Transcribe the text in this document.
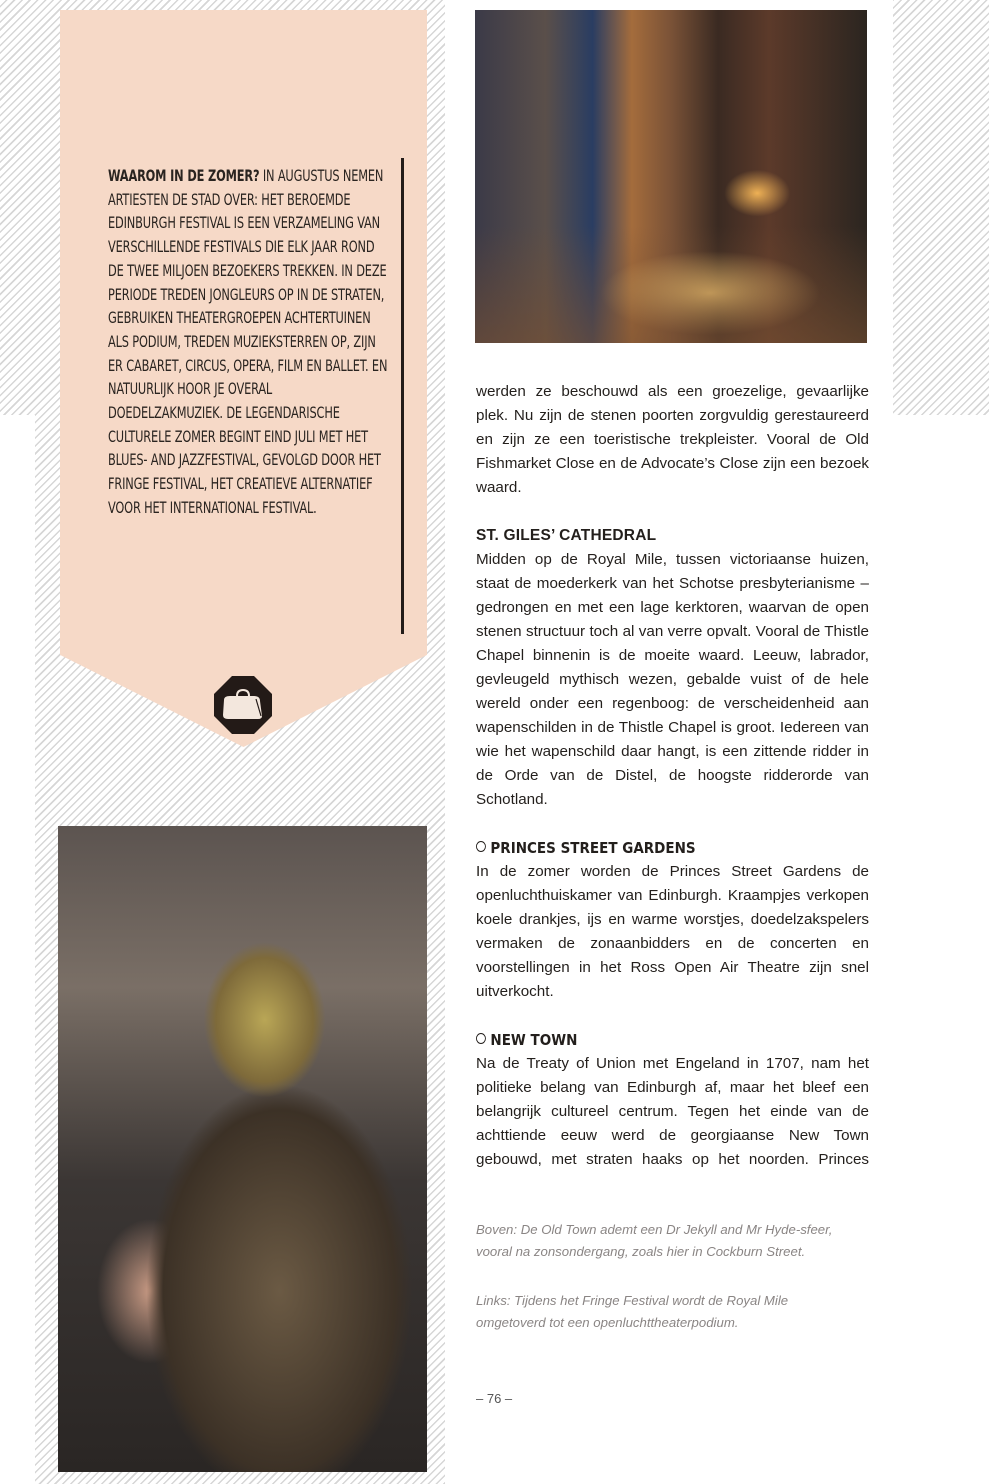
WAAROM IN DE ZOMER? IN AUGUSTUS NEMEN ARTIESTEN DE STAD OVER: HET BEROEMDE EDINBURGH FESTIVAL IS EEN VERZAMELING VAN VERSCHILLENDE FESTIVALS DIE ELK JAAR ROND DE TWEE MILJOEN BEZOEKERS TREKKEN. IN DEZE PERIODE TREDEN JONGLEURS OP IN DE STRATEN, GEBRUIKEN THEATERGROEPEN ACHTERTUINEN ALS PODIUM, TREDEN MUZIEKSTERREN OP, ZIJN ER CABARET, CIRCUS, OPERA, FILM EN BALLET. EN NATUURLIJK HOOR JE OVERAL DOEDELZAKMUZIEK. DE LEGENDARISCHE CULTURELE ZOMER BEGINT EIND JULI MET HET BLUES- AND JAZZFESTIVAL, GEVOLGD DOOR HET FRINGE FESTIVAL, HET CREATIEVE ALTERNATIEF VOOR HET INTERNATIONAL FESTIVAL.

werden ze beschouwd als een groezelige, gevaarlijke plek. Nu zijn de stenen poorten zorgvuldig gerestaureerd en zijn ze een toeristische trekpleister. Vooral de Old Fishmarket Close en de Advocate’s Close zijn een bezoek waard.

ST. GILES’ CATHEDRAL

Midden op de Royal Mile, tussen victoriaanse huizen, staat de moederkerk van het Schotse presbyterianisme – gedrongen en met een lage kerktoren, waarvan de open stenen structuur toch al van verre opvalt. Vooral de Thistle Chapel binnenin is de moeite waard. Leeuw, labrador, gevleugeld mythisch wezen, gebalde vuist of de hele wereld onder een regenboog: de verscheidenheid aan wapenschilden in de Thistle Chapel is groot. Iedereen van wie het wapenschild daar hangt, is een zittende ridder in de Orde van de Distel, de hoogste ridderorde van Schotland.

PRINCES STREET GARDENS

In de zomer worden de Princes Street Gardens de openluchthuiskamer van Edinburgh. Kraampjes verkopen koele drankjes, ijs en warme worstjes, doedelzakspelers vermaken de zonaanbidders en de concerten en voorstellingen in het Ross Open Air Theatre zijn snel uitverkocht.

NEW TOWN

Na de Treaty of Union met Engeland in 1707, nam het politieke belang van Edinburgh af, maar het bleef een belangrijk cultureel centrum. Tegen het einde van de achttiende eeuw werd de georgiaanse New Town gebouwd, met straten haaks op het noorden. Princes

Boven: De Old Town ademt een Dr Jekyll and Mr Hyde-sfeer, vooral na zonsondergang, zoals hier in Cockburn Street.
Links: Tijdens het Fringe Festival wordt de Royal Mile omgetoverd tot een openluchttheaterpodium.
– 76 –
